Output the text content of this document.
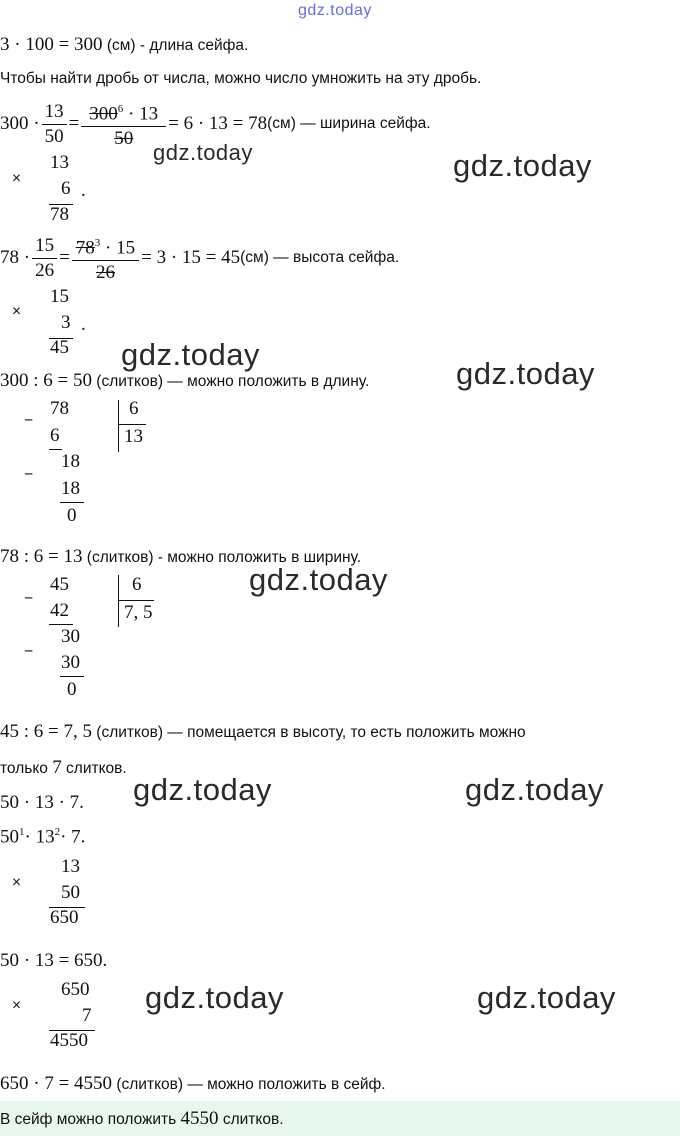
gdz.today
3 · 100 = 300 (см) - длина сейфа.
Чтобы найти дробь от числа, можно число умножить на эту дробь.
$300 \cdot \frac{13}{50} = \frac{300^6 \cdot 13}{50} = 6 \cdot 13 = 78$ (см) — ширина сейфа.
gdz.today	gdz.today
×
13
6 .
78
$78 \cdot \frac{15}{26} = \frac{78^3 \cdot 15}{26} = 3 \cdot 15 = 45$ (см) — высота сейфа.
×
15
3 .
45 gdz.today
300 : 6 = 50 (слитков) — можно положить в длину.	gdz.today
−
78
6
6
13
−
18
18
0
78 : 6 = 13 (слитков) - можно положить в ширину.
gdz.today
−
45
42
6
7, 5
−
30
30
0
45 : 6 = 7, 5 (слитков) — помещается в высоту, то есть положить можно
только 7 слитков.
50 · 13 · 7. gdz.today	gdz.today
$50^1\cdot 13^2\cdot 7$.
×
13
50
650
50 · 13 = 650.
×
650
7
4550
gdz.today	gdz.today
650 · 7 = 4550 (слитков) — можно положить в сейф.
В сейф можно положить 4550 слитков.
